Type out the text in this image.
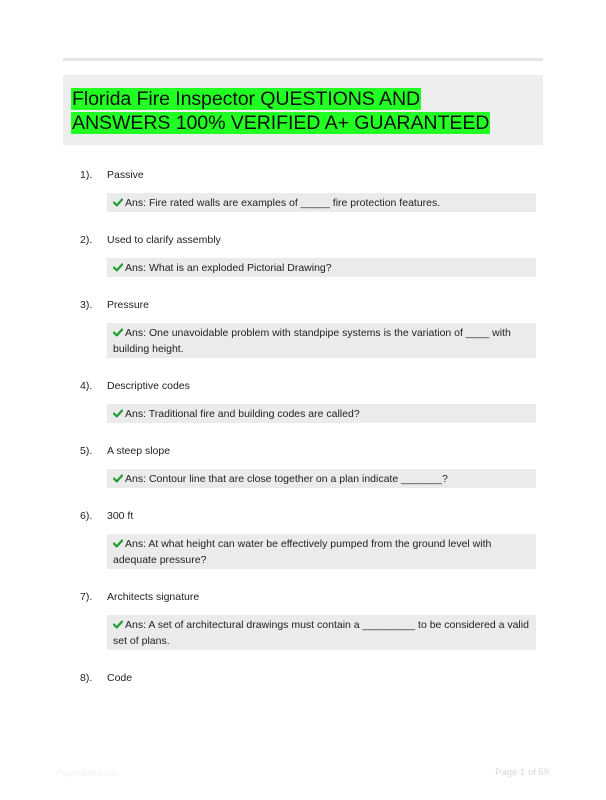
Florida Fire Inspector QUESTIONS AND
ANSWERS 100% VERIFIED A+ GUARANTEED
1).	Passive
Ans: Fire rated walls are examples of _____ fire protection features.
2).	Used to clarify assembly
Ans: What is an exploded Pictorial Drawing?
3).	Pressure
Ans: One unavoidable problem with standpipe systems is the variation of ____ with building height.
4).	Descriptive codes
Ans: Traditional fire and building codes are called?
5).	A steep slope
Ans: Contour line that are close together on a plan indicate _______?
6).	300 ft
Ans: At what height can water be effectively pumped from the ground level with adequate pressure?
7).	Architects signature
Ans: A set of architectural drawings must contain a _________ to be considered a valid set of plans.
8).	Code
Papertible.com	Page 1 of 59
